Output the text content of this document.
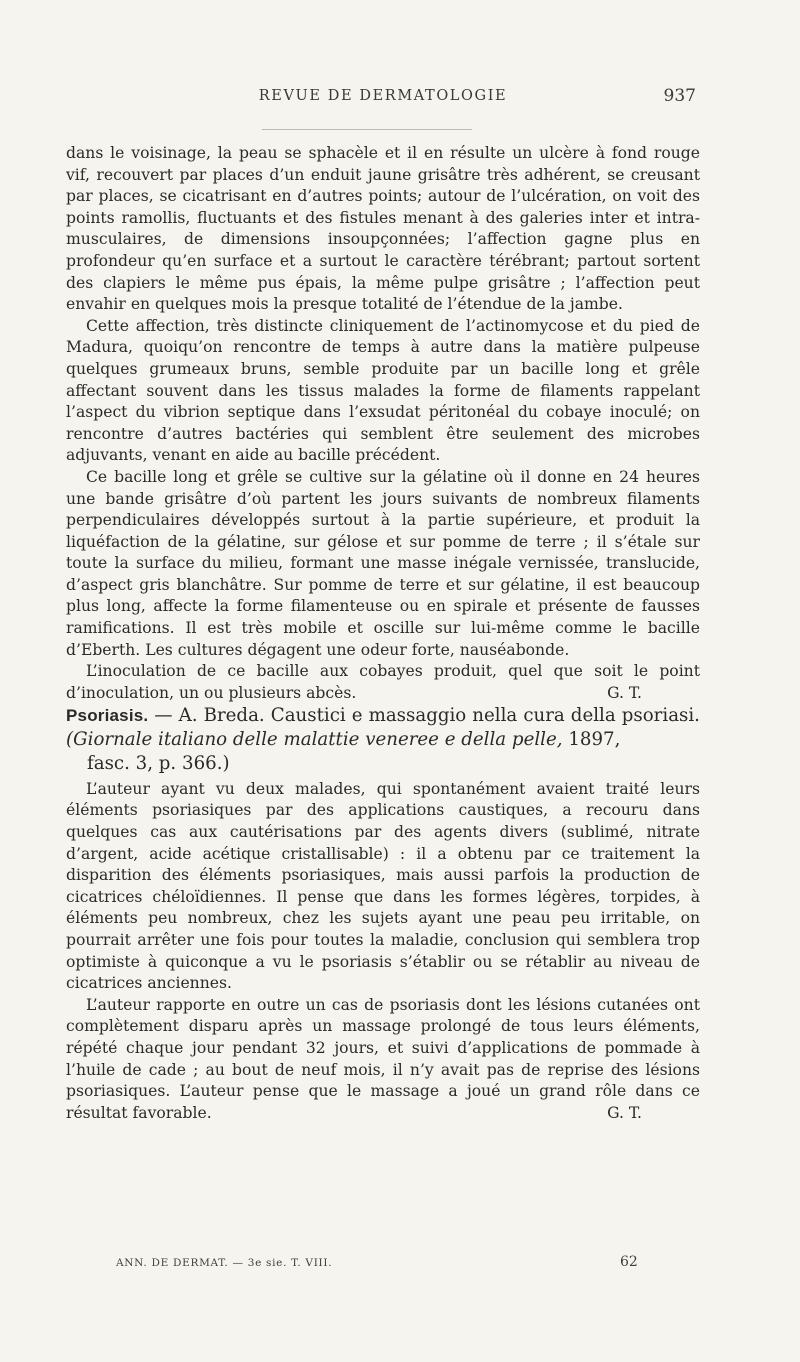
REVUE DE DERMATOLOGIE	937

dans le voisinage, la peau se sphacèle et il en résulte un ulcère à fond rouge vif, recouvert par places d’un enduit jaune grisâtre très adhérent, se creusant par places, se cicatrisant en d’autres points; autour de l’ulcération, on voit des points ramollis, fluctuants et des fistules menant à des galeries inter et intra-musculaires, de dimensions insoupçonnées; l’affection gagne plus en profondeur qu’en surface et a surtout le caractère térébrant; partout sortent des clapiers le même pus épais, la même pulpe grisâtre ; l’affection peut envahir en quelques mois la presque totalité de l’étendue de la jambe.

Cette affection, très distincte cliniquement de l’actinomycose et du pied de Madura, quoiqu’on rencontre de temps à autre dans la matière pulpeuse quelques grumeaux bruns, semble produite par un bacille long et grêle affectant souvent dans les tissus malades la forme de filaments rappelant l’aspect du vibrion septique dans l’exsudat péritonéal du cobaye inoculé; on rencontre d’autres bactéries qui semblent être seulement des microbes adjuvants, venant en aide au bacille précédent.

Ce bacille long et grêle se cultive sur la gélatine où il donne en 24 heures une bande grisâtre d’où partent les jours suivants de nombreux filaments perpendiculaires développés surtout à la partie supérieure, et produit la liquéfaction de la gélatine, sur gélose et sur pomme de terre ; il s’étale sur toute la surface du milieu, formant une masse inégale vernissée, translucide, d’aspect gris blanchâtre. Sur pomme de terre et sur gélatine, il est beaucoup plus long, affecte la forme filamenteuse ou en spirale et présente de fausses ramifications. Il est très mobile et oscille sur lui-même comme le bacille d’Eberth. Les cultures dégagent une odeur forte, nauséabonde.

L’inoculation de ce bacille aux cobayes produit, quel que soit le point d’inoculation, un ou plusieurs abcès.	G. T.

Psoriasis. — A. Breda. Caustici e massaggio nella cura della psoriasi. (Giornale italiano delle malattie veneree e della pelle, 1897,
fasc. 3, p. 366.)

L’auteur ayant vu deux malades, qui spontanément avaient traité leurs éléments psoriasiques par des applications caustiques, a recouru dans quelques cas aux cautérisations par des agents divers (sublimé, nitrate d’argent, acide acétique cristallisable) : il a obtenu par ce traitement la disparition des éléments psoriasiques, mais aussi parfois la production de cicatrices chéloïdiennes. Il pense que dans les formes légères, torpides, à éléments peu nombreux, chez les sujets ayant une peau peu irritable, on pourrait arrêter une fois pour toutes la maladie, conclusion qui semblera trop optimiste à quiconque a vu le psoriasis s’établir ou se rétablir au niveau de cicatrices anciennes.

L’auteur rapporte en outre un cas de psoriasis dont les lésions cutanées ont complètement disparu après un massage prolongé de tous leurs éléments, répété chaque jour pendant 32 jours, et suivi d’applications de pommade à l’huile de cade ; au bout de neuf mois, il n’y avait pas de reprise des lésions psoriasiques. L’auteur pense que le massage a joué un grand rôle dans ce résultat favorable.	G. T.

ANN. DE DERMAT. — 3e sie. T. VIII.	62
